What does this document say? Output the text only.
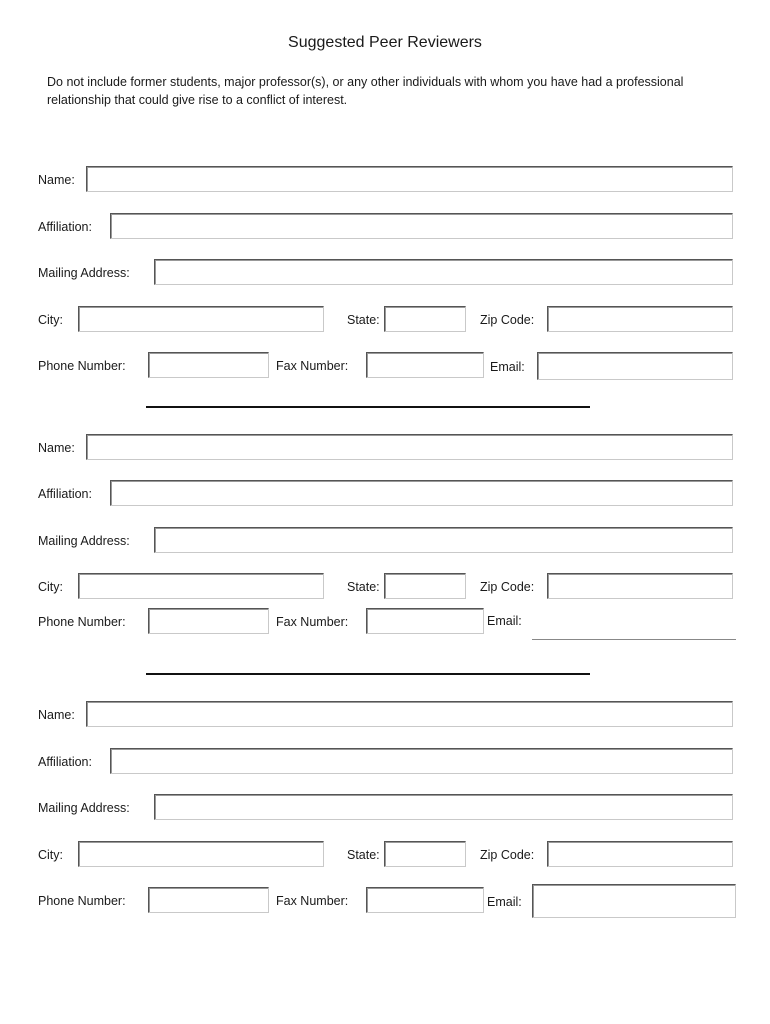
Suggested Peer Reviewers
Do not include former students, major professor(s), or any other individuals with whom you have had a professional relationship that could give rise to a conflict of interest.
Name:
Affiliation:
Mailing Address:
City:	State:	Zip Code:
Phone Number:	Fax Number:	Email:
Name:
Affiliation:
Mailing Address:
City:	State:	Zip Code:
Phone Number:	Fax Number:	Email:
Name:
Affiliation:
Mailing Address:
City:	State:	Zip Code:
Phone Number:	Fax Number:	Email:
